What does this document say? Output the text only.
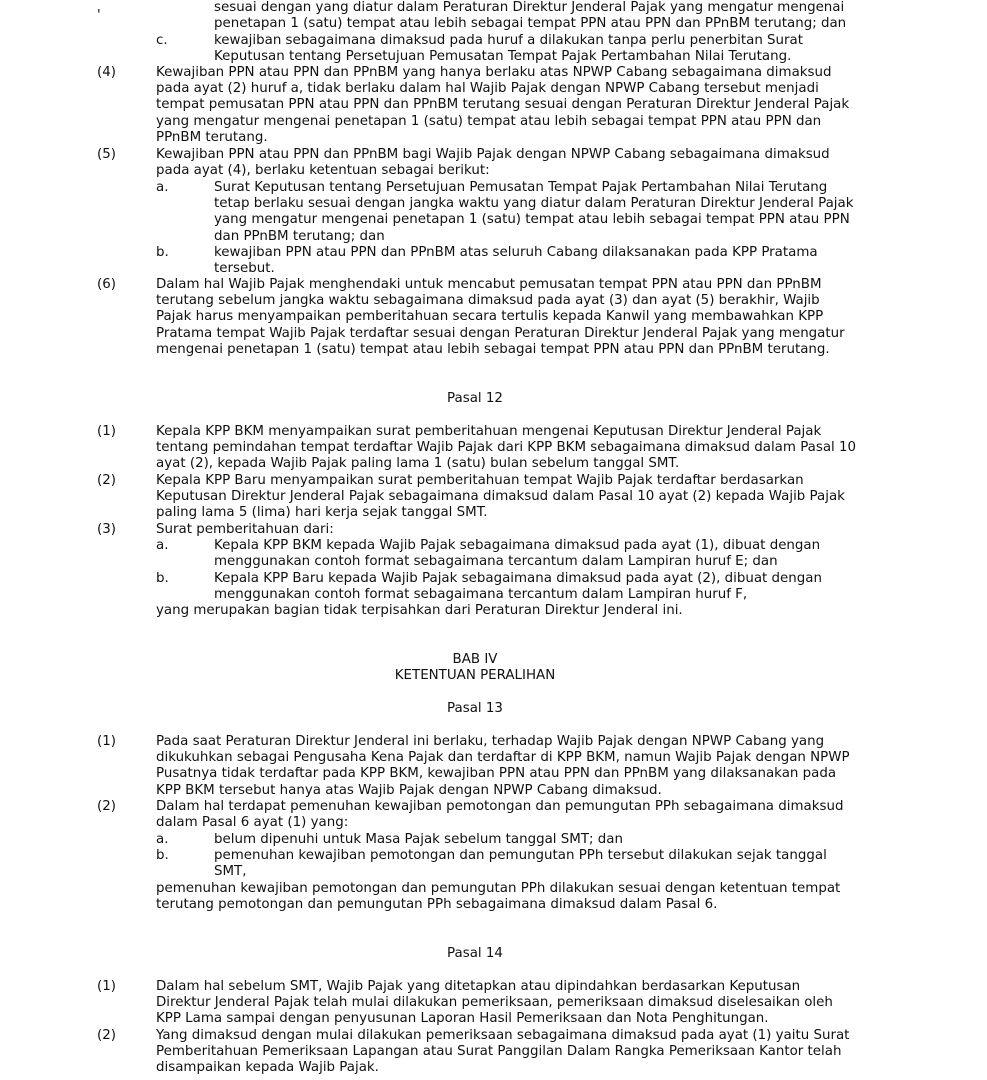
'
sesuai dengan yang diatur dalam Peraturan Direktur Jenderal Pajak yang mengatur mengenai
penetapan 1 (satu) tempat atau lebih sebagai tempat PPN atau PPN dan PPnBM terutang; dan
c.	kewajiban sebagaimana dimaksud pada huruf a dilakukan tanpa perlu penerbitan Surat
Keputusan tentang Persetujuan Pemusatan Tempat Pajak Pertambahan Nilai Terutang.
(4)	Kewajiban PPN atau PPN dan PPnBM yang hanya berlaku atas NPWP Cabang sebagaimana dimaksud
pada ayat (2) huruf a, tidak berlaku dalam hal Wajib Pajak dengan NPWP Cabang tersebut menjadi
tempat pemusatan PPN atau PPN dan PPnBM terutang sesuai dengan Peraturan Direktur Jenderal Pajak
yang mengatur mengenai penetapan 1 (satu) tempat atau lebih sebagai tempat PPN atau PPN dan
PPnBM terutang.
(5)	Kewajiban PPN atau PPN dan PPnBM bagi Wajib Pajak dengan NPWP Cabang sebagaimana dimaksud
pada ayat (4), berlaku ketentuan sebagai berikut:
a.	Surat Keputusan tentang Persetujuan Pemusatan Tempat Pajak Pertambahan Nilai Terutang
tetap berlaku sesuai dengan jangka waktu yang diatur dalam Peraturan Direktur Jenderal Pajak
yang mengatur mengenai penetapan 1 (satu) tempat atau lebih sebagai tempat PPN atau PPN
dan PPnBM terutang; dan
b.	kewajiban PPN atau PPN dan PPnBM atas seluruh Cabang dilaksanakan pada KPP Pratama
tersebut.
(6)	Dalam hal Wajib Pajak menghendaki untuk mencabut pemusatan tempat PPN atau PPN dan PPnBM
terutang sebelum jangka waktu sebagaimana dimaksud pada ayat (3) dan ayat (5) berakhir, Wajib
Pajak harus menyampaikan pemberitahuan secara tertulis kepada Kanwil yang membawahkan KPP
Pratama tempat Wajib Pajak terdaftar sesuai dengan Peraturan Direktur Jenderal Pajak yang mengatur
mengenai penetapan 1 (satu) tempat atau lebih sebagai tempat PPN atau PPN dan PPnBM terutang.
Pasal 12
(1)	Kepala KPP BKM menyampaikan surat pemberitahuan mengenai Keputusan Direktur Jenderal Pajak
tentang pemindahan tempat terdaftar Wajib Pajak dari KPP BKM sebagaimana dimaksud dalam Pasal 10
ayat (2), kepada Wajib Pajak paling lama 1 (satu) bulan sebelum tanggal SMT.
(2)	Kepala KPP Baru menyampaikan surat pemberitahuan tempat Wajib Pajak terdaftar berdasarkan
Keputusan Direktur Jenderal Pajak sebagaimana dimaksud dalam Pasal 10 ayat (2) kepada Wajib Pajak
paling lama 5 (lima) hari kerja sejak tanggal SMT.
(3)	Surat pemberitahuan dari:
a.	Kepala KPP BKM kepada Wajib Pajak sebagaimana dimaksud pada ayat (1), dibuat dengan
menggunakan contoh format sebagaimana tercantum dalam Lampiran huruf E; dan
b.	Kepala KPP Baru kepada Wajib Pajak sebagaimana dimaksud pada ayat (2), dibuat dengan
menggunakan contoh format sebagaimana tercantum dalam Lampiran huruf F,
yang merupakan bagian tidak terpisahkan dari Peraturan Direktur Jenderal ini.
BAB IV
KETENTUAN PERALIHAN
Pasal 13
(1)	Pada saat Peraturan Direktur Jenderal ini berlaku, terhadap Wajib Pajak dengan NPWP Cabang yang
dikukuhkan sebagai Pengusaha Kena Pajak dan terdaftar di KPP BKM, namun Wajib Pajak dengan NPWP
Pusatnya tidak terdaftar pada KPP BKM, kewajiban PPN atau PPN dan PPnBM yang dilaksanakan pada
KPP BKM tersebut hanya atas Wajib Pajak dengan NPWP Cabang dimaksud.
(2)	Dalam hal terdapat pemenuhan kewajiban pemotongan dan pemungutan PPh sebagaimana dimaksud
dalam Pasal 6 ayat (1) yang:
a.	belum dipenuhi untuk Masa Pajak sebelum tanggal SMT; dan
b.	pemenuhan kewajiban pemotongan dan pemungutan PPh tersebut dilakukan sejak tanggal
SMT,
pemenuhan kewajiban pemotongan dan pemungutan PPh dilakukan sesuai dengan ketentuan tempat
terutang pemotongan dan pemungutan PPh sebagaimana dimaksud dalam Pasal 6.
Pasal 14
(1)	Dalam hal sebelum SMT, Wajib Pajak yang ditetapkan atau dipindahkan berdasarkan Keputusan
Direktur Jenderal Pajak telah mulai dilakukan pemeriksaan, pemeriksaan dimaksud diselesaikan oleh
KPP Lama sampai dengan penyusunan Laporan Hasil Pemeriksaan dan Nota Penghitungan.
(2)	Yang dimaksud dengan mulai dilakukan pemeriksaan sebagaimana dimaksud pada ayat (1) yaitu Surat
Pemberitahuan Pemeriksaan Lapangan atau Surat Panggilan Dalam Rangka Pemeriksaan Kantor telah
disampaikan kepada Wajib Pajak.
